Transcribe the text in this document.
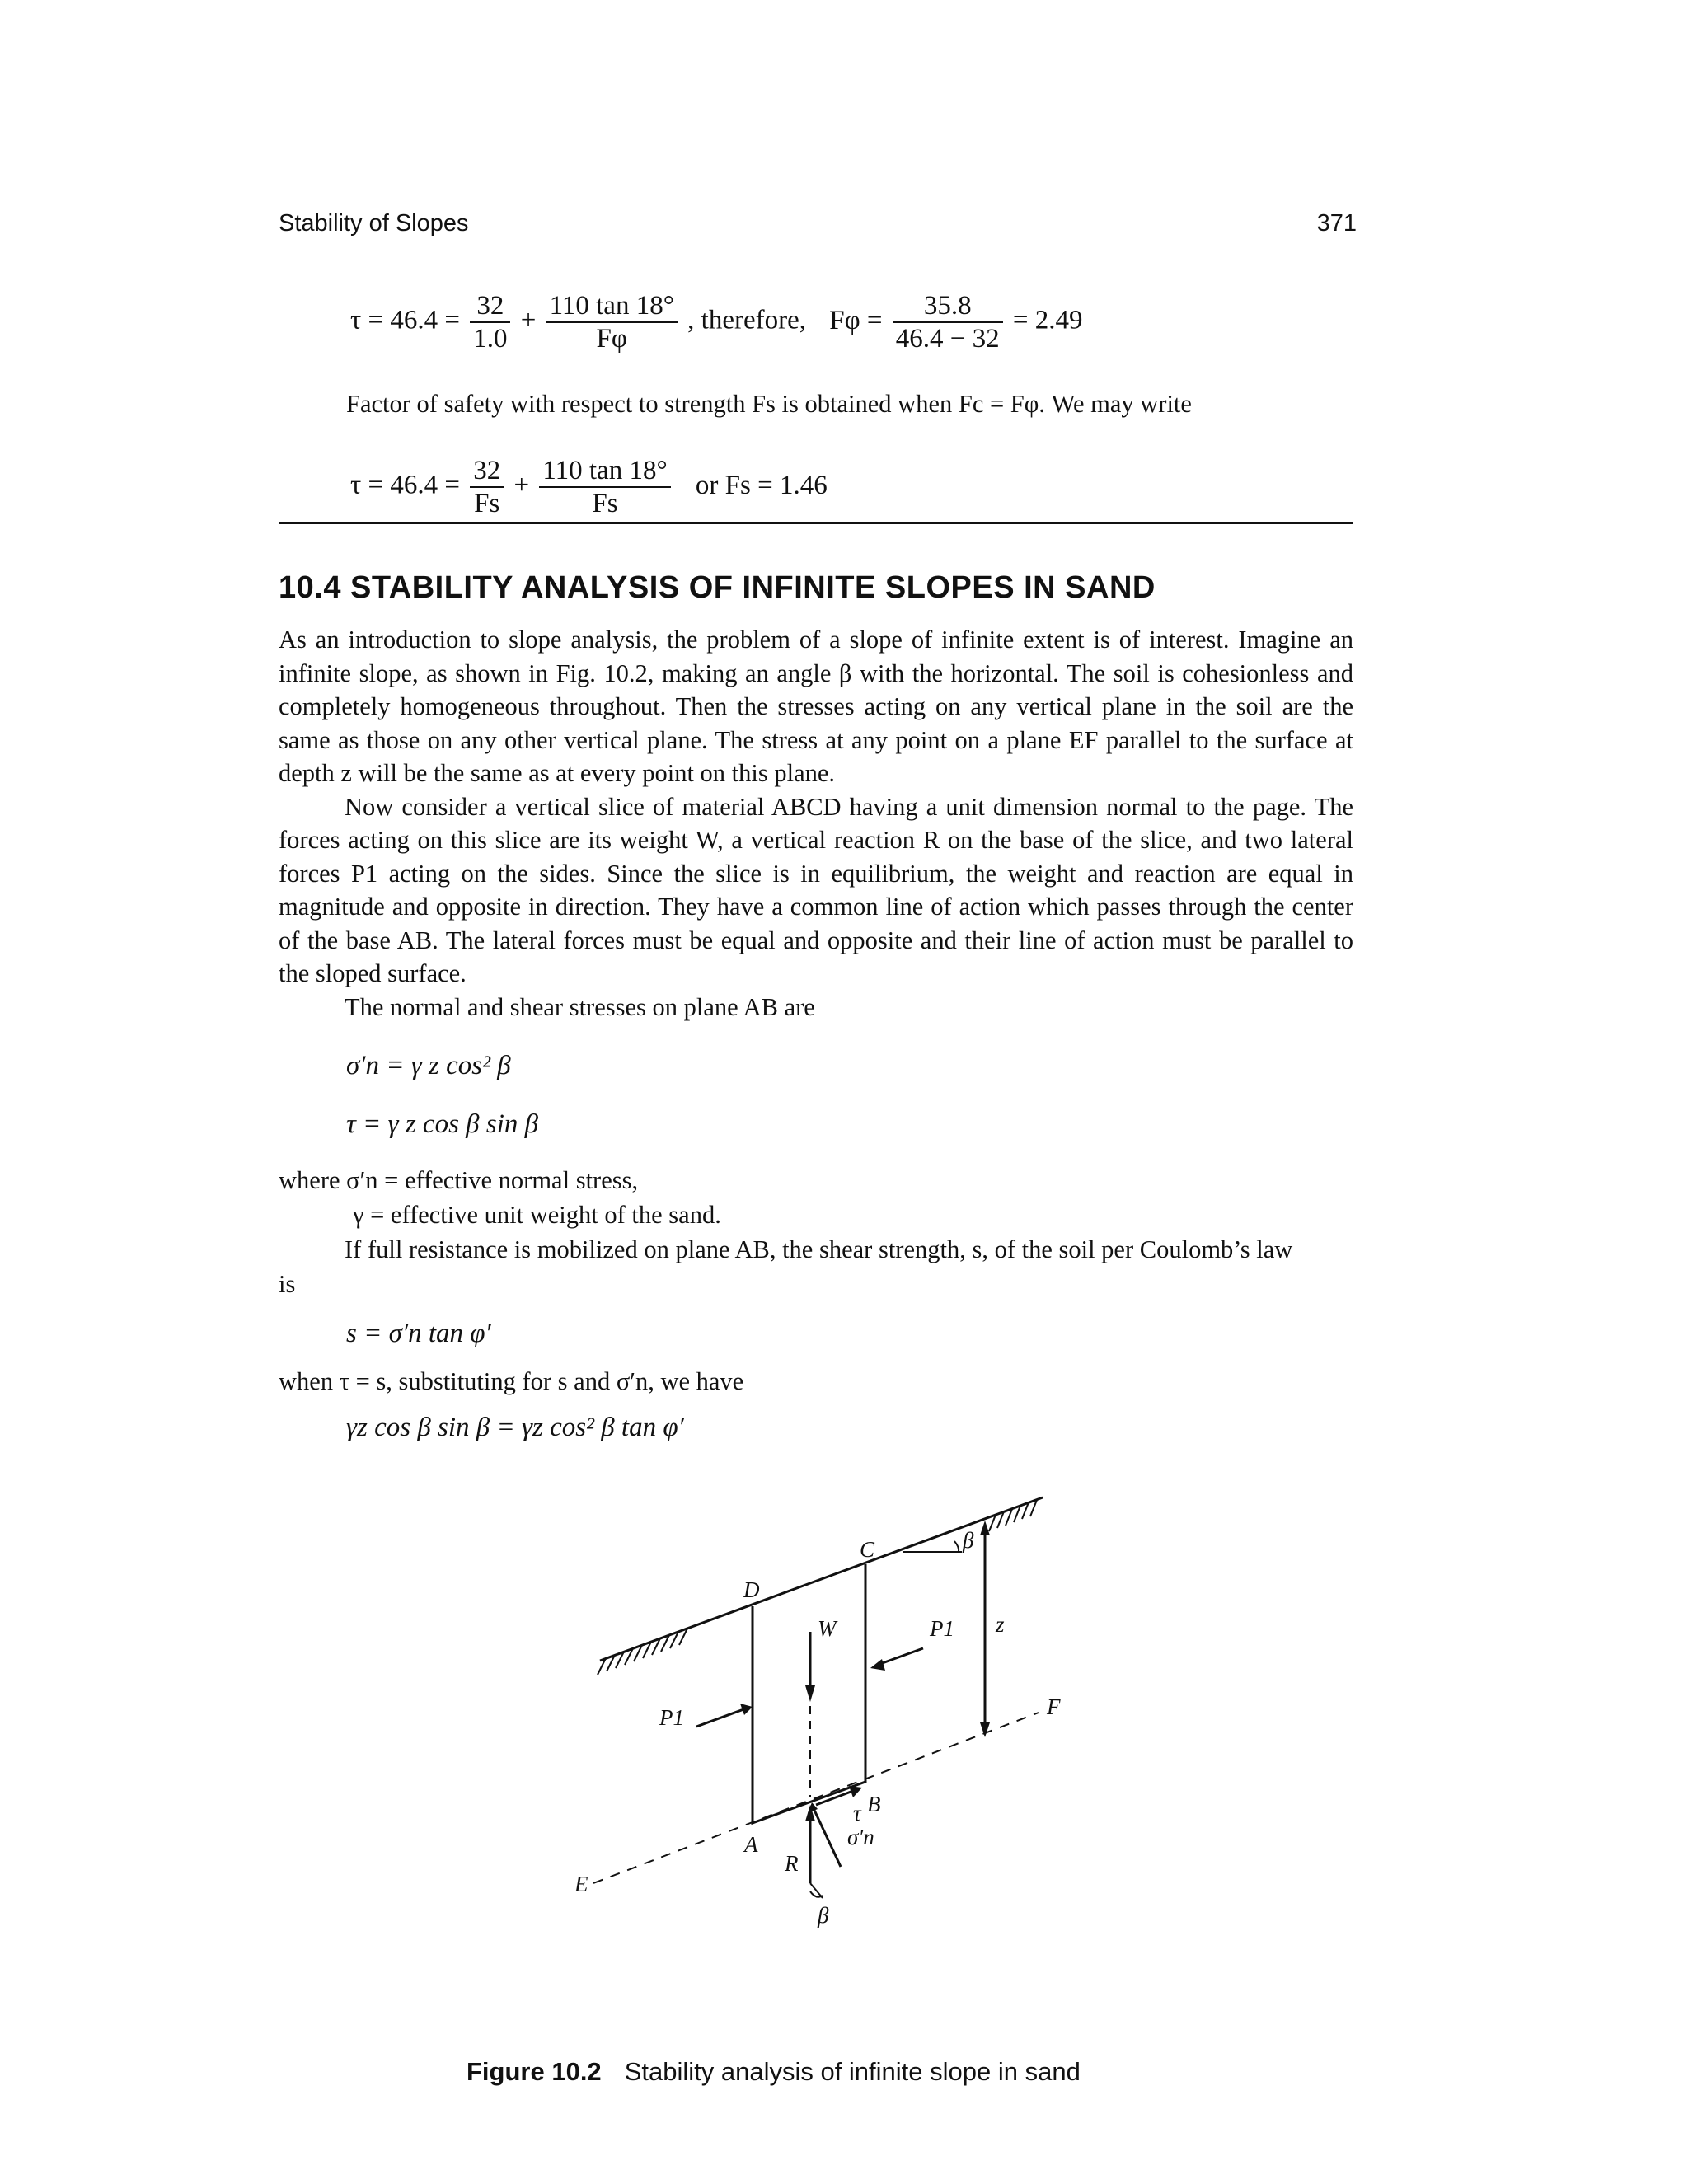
Stability of Slopes	371
$\tau = 46.4 = \frac{32}{1.0} + \frac{110 \tan 18^\circ}{F\varphi}$ , therefore, $F\varphi = \frac{35.8}{46.4 - 32} = 2.49$

Factor of safety with respect to strength Fs is obtained when Fc = Fφ. We may write

$\tau = 46.4 = \frac{32}{Fs} + \frac{110 \tan 18^\circ}{Fs}$ or Fs = 1.46
10.4 STABILITY ANALYSIS OF INFINITE SLOPES IN SAND

As an introduction to slope analysis, the problem of a slope of infinite extent is of interest. Imagine an infinite slope, as shown in Fig. 10.2, making an angle β with the horizontal. The soil is cohesionless and completely homogeneous throughout. Then the stresses acting on any vertical plane in the soil are the same as those on any other vertical plane. The stress at any point on a plane EF parallel to the surface at depth z will be the same as at every point on this plane.

Now consider a vertical slice of material ABCD having a unit dimension normal to the page. The forces acting on this slice are its weight W, a vertical reaction R on the base of the slice, and two lateral forces P1 acting on the sides. Since the slice is in equilibrium, the weight and reaction are equal in magnitude and opposite in direction. They have a common line of action which passes through the center of the base AB. The lateral forces must be equal and opposite and their line of action must be parallel to the sloped surface.

The normal and shear stresses on plane AB are

σ′n = γ z cos² β
τ = γ z cos β sin β
where σ′n = effective normal stress,
γ = effective unit weight of the sand.
If full resistance is mobilized on plane AB, the shear strength, s, of the soil per Coulomb’s law
is
s = σ′n tan φ′
when τ = s, substituting for s and σ′n, we have
γz cos β sin β = γz cos² β tan φ′
C
D
A
B
E
F
W
R
P1
P1 z
β
β
τ
σ′n
Figure 10.2 Stability analysis of infinite slope in sand
